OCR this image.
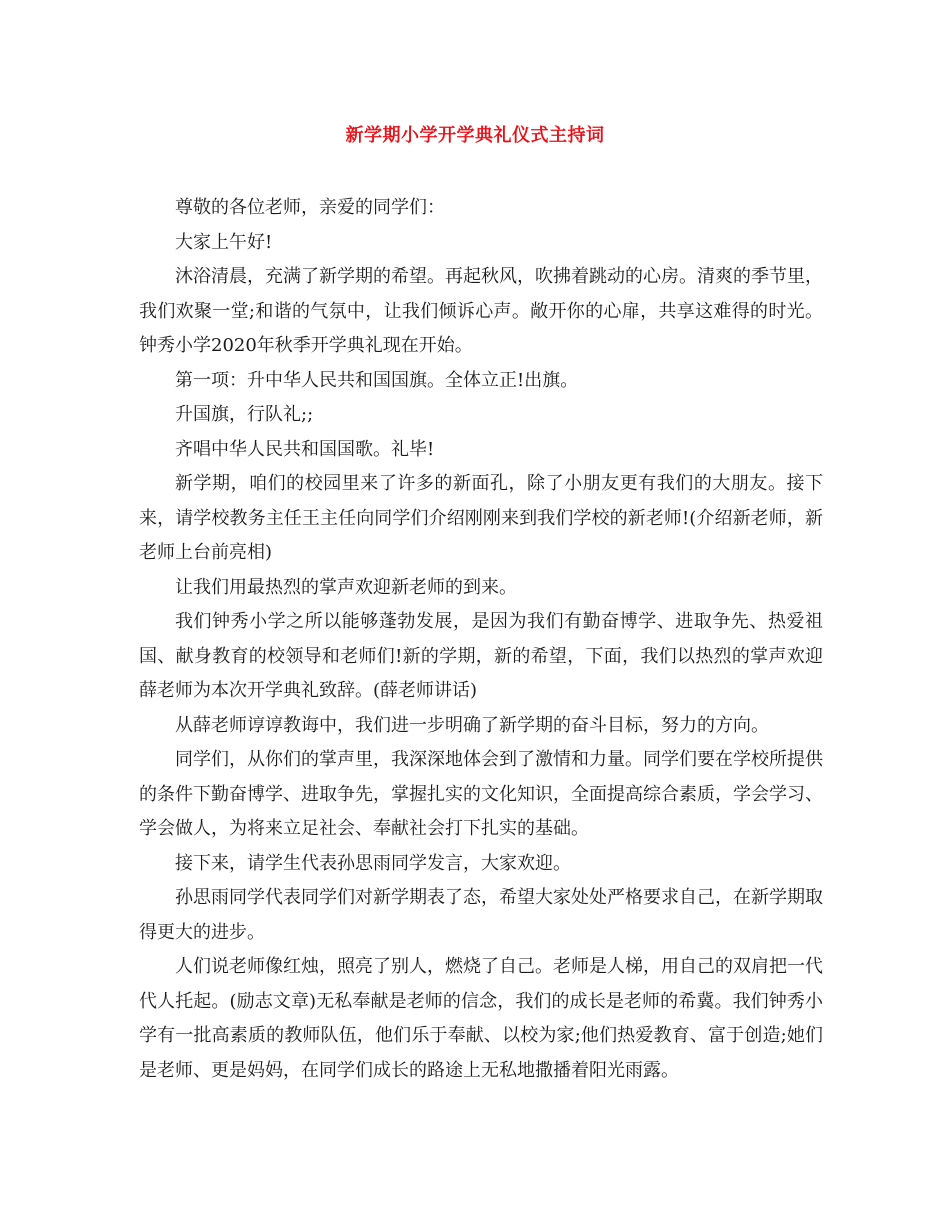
新学期小学开学典礼仪式主持词

尊敬的各位老师，亲爱的同学们：

大家上午好!

沐浴清晨，充满了新学期的希望。再起秋风，吹拂着跳动的心房。清爽的季节里，我们欢聚一堂;和谐的气氛中，让我们倾诉心声。敞开你的心扉，共享这难得的时光。钟秀小学2020年秋季开学典礼现在开始。

第一项：升中华人民共和国国旗。全体立正!出旗。

升国旗，行队礼;;

齐唱中华人民共和国国歌。礼毕!

新学期，咱们的校园里来了许多的新面孔，除了小朋友更有我们的大朋友。接下来，请学校教务主任王主任向同学们介绍刚刚来到我们学校的新老师!(介绍新老师，新老师上台前亮相)

让我们用最热烈的掌声欢迎新老师的到来。

我们钟秀小学之所以能够蓬勃发展，是因为我们有勤奋博学、进取争先、热爱祖国、献身教育的校领导和老师们!新的学期，新的希望，下面，我们以热烈的掌声欢迎薛老师为本次开学典礼致辞。(薛老师讲话)

从薛老师谆谆教诲中，我们进一步明确了新学期的奋斗目标，努力的方向。

同学们，从你们的掌声里，我深深地体会到了激情和力量。同学们要在学校所提供的条件下勤奋博学、进取争先，掌握扎实的文化知识，全面提高综合素质，学会学习、学会做人，为将来立足社会、奉献社会打下扎实的基础。

接下来，请学生代表孙思雨同学发言，大家欢迎。

孙思雨同学代表同学们对新学期表了态，希望大家处处严格要求自己，在新学期取得更大的进步。

人们说老师像红烛，照亮了别人，燃烧了自己。老师是人梯，用自己的双肩把一代代人托起。(励志文章)无私奉献是老师的信念，我们的成长是老师的希冀。我们钟秀小学有一批高素质的教师队伍，他们乐于奉献、以校为家;他们热爱教育、富于创造;她们是老师、更是妈妈，在同学们成长的路途上无私地撒播着阳光雨露。
